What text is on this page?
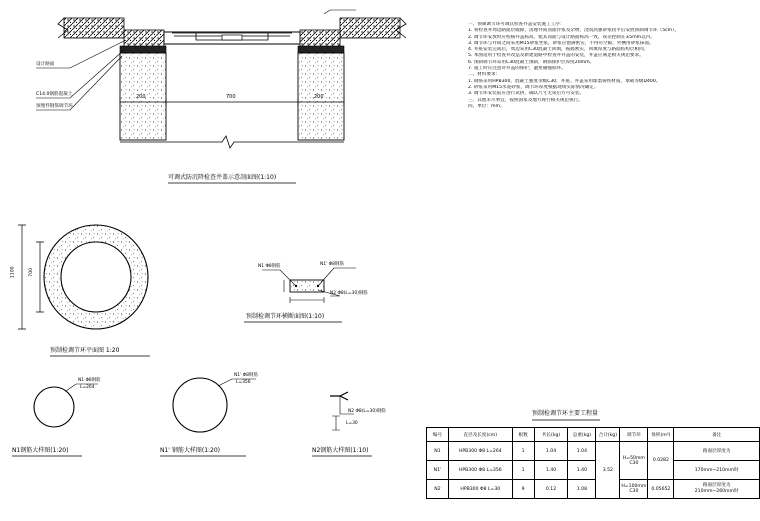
设计路面
C14.0钢筋混凝土
预埋件钢筋调节环
200	700	200
可调式防沉降检查井盖示意剖面图(1:10)
1100	700
预制检调节环平面图 1:20
N1 Φ8钢筋	N1' Φ8钢筋
N2 Φ8(L=30)钢筋
预制检调节环横断面图(1:10)
N1 Φ8钢筋
L=264
N1钢筋大样图(1:20)
N1' Φ8钢筋
L=356
N1' 钢筋大样图(1:20)
N2 Φ8(L=30)钢筋
L=30
N2钢筋大样图(1:10)
一、预制调节环可调式检查井盖安装施工工序：
1. 将检查井周边路面层破除，清理井筒顶面浮浆及杂物，浇筑高强砂浆找平后安放预制调节环（5cm）。
2. 调节环安放时应校核井盖标高，使其顶面与设计路面标高一致，误差控制在±5mm以内。
3. 调节环与井筒之间采用M15砂浆坐浆，砂浆应饱满密实，不得有空隙，外侧用砂浆抹面。
4. 井座安装完成后，周边采用C30混凝土回填，振捣密实，回填厚度与路面结构层相同。
5. 本图适用于检查井改造及新建道路中检查井井盖的安装，井盖应满足相关规范要求。
6. 预制调节环采用C30混凝土预制，钢筋保护层厚度20mm。
7. 施工时应注意对井盖的保护，避免碰撞损坏。
二、材料要求：
1. 钢筋采用HPB300，混凝土强度等级C30，井座、井盖采用球墨铸铁材质，承载等级D400。
2. 砂浆采用M15水泥砂浆，调节环厚度根据现场实际情况确定。
3. 调节环安装前应进行试拼，确认尺寸无误后方可安装。
三、其他未尽事宜，按照国家及地方现行相关规范执行。
四、单位：mm。
预制检调节环主要工程量
编号	直径及长度(cm)	根数	共长(kg)	总重(kg)	合计(kg)	调节环	体积(m³)	备注
N1	HPB300 Φ8 L=264	1	1.04	1.04	3.52	H=50mm C30	0.0282	路面层厚度为
N1'	HPB300 Φ8 L=356	1	1.40	1.40				170mm~210mm时
N2	HPB300 Φ8 L=30	9	0.12	1.08		H=100mm C30	0.05652	路面层厚度为
210mm~260mm时
